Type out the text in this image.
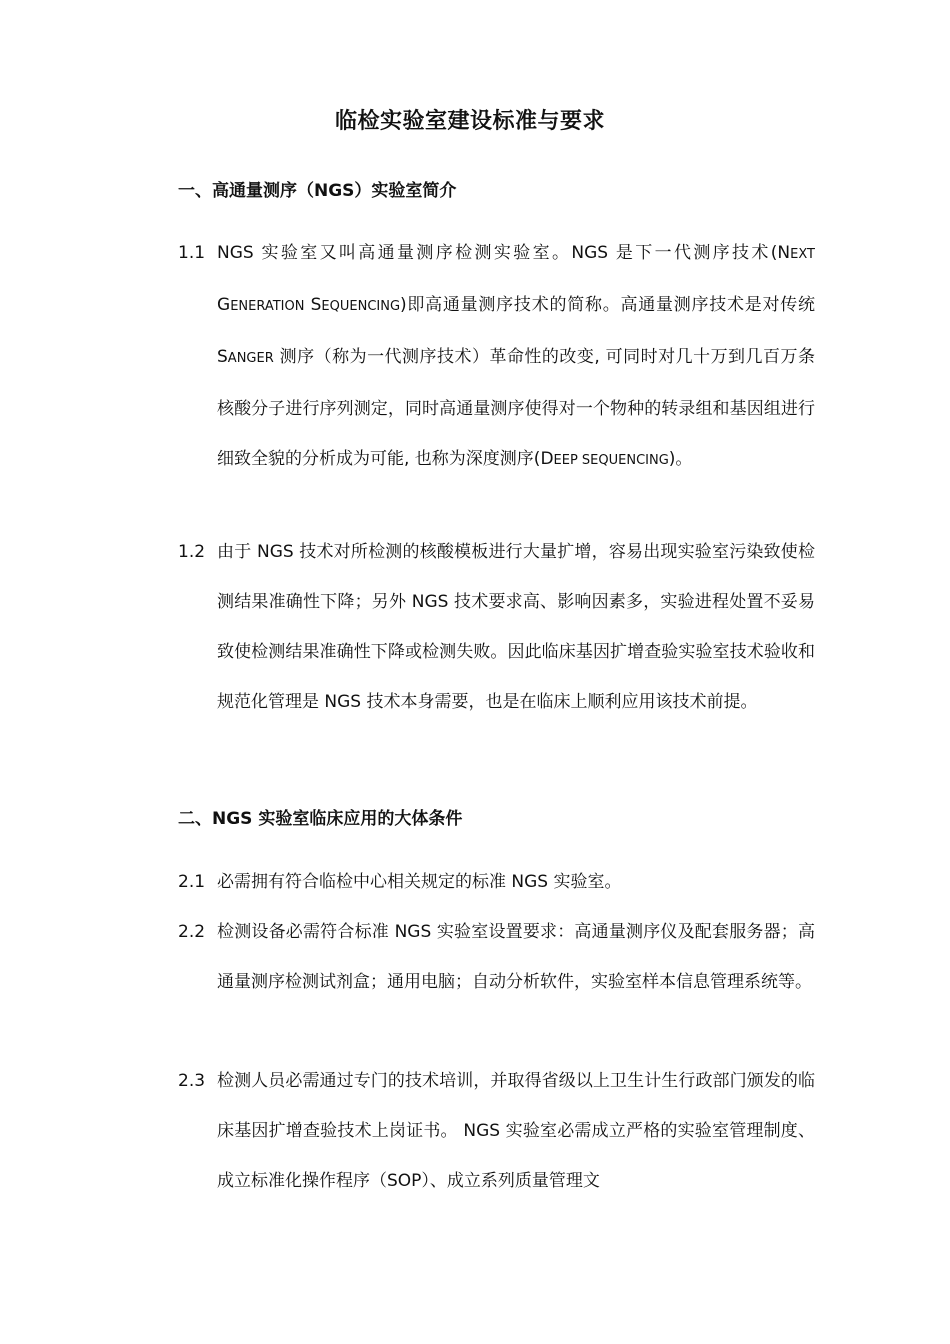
临检实验室建设标准与要求
一、高通量测序（NGS）实验室简介
1.1 NGS 实验室又叫高通量测序检测实验室。NGS 是下一代测序技术(NEXT GENERATION SEQUENCING)即高通量测序技术的简称。高通量测序技术是对传统 SANGER 测序（称为一代测序技术）革命性的改变, 可同时对几十万到几百万条核酸分子进行序列测定，同时高通量测序使得对一个物种的转录组和基因组进行细致全貌的分析成为可能, 也称为深度测序(DEEP SEQUENCING)。
1.2 由于 NGS 技术对所检测的核酸模板进行大量扩增，容易出现实验室污染致使检测结果准确性下降；另外 NGS 技术要求高、影响因素多，实验进程处置不妥易致使检测结果准确性下降或检测失败。因此临床基因扩增查验实验室技术验收和规范化管理是 NGS 技术本身需要，也是在临床上顺利应用该技术前提。
二、NGS 实验室临床应用的大体条件
2.1 必需拥有符合临检中心相关规定的标准 NGS 实验室。
2.2 检测设备必需符合标准 NGS 实验室设置要求：高通量测序仪及配套服务器；高通量测序检测试剂盒；通用电脑；自动分析软件，实验室样本信息管理系统等。
2.3 检测人员必需通过专门的技术培训，并取得省级以上卫生计生行政部门颁发的临床基因扩增查验技术上岗证书。 NGS 实验室必需成立严格的实验室管理制度、成立标准化操作程序（SOP）、成立系列质量管理文
